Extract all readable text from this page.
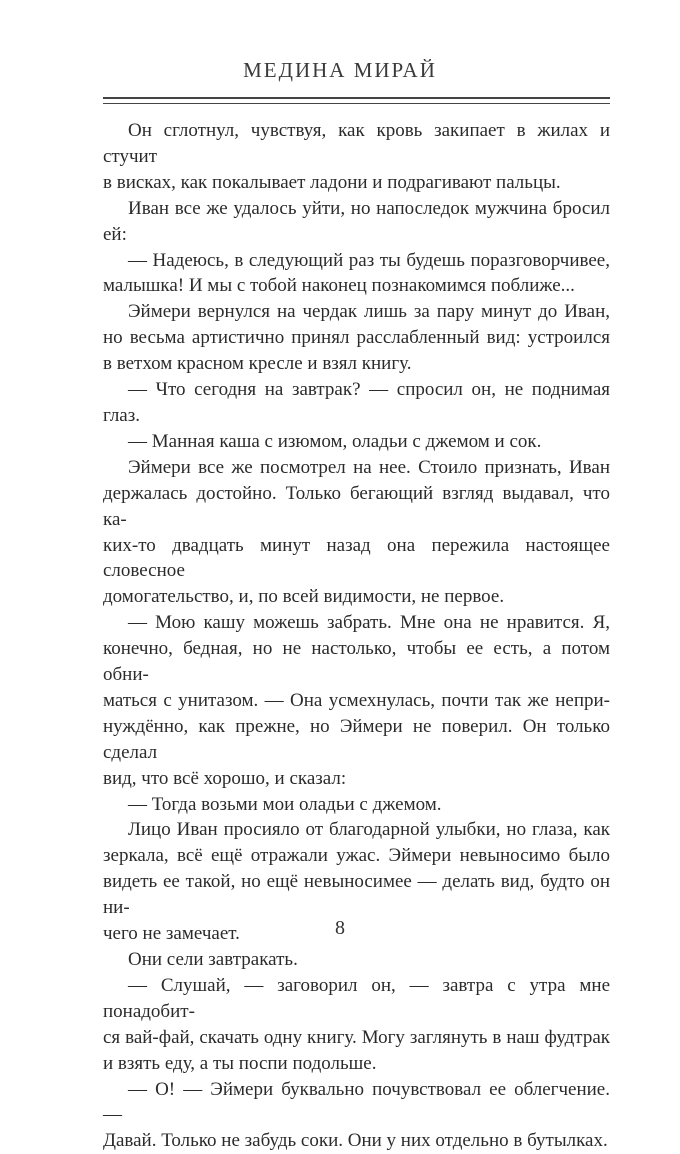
МЕДИНА МИРАЙ

Он сглотнул, чувствуя, как кровь закипает в жилах и стучит
в висках, как покалывает ладони и подрагивают пальцы.

Иван все же удалось уйти, но напоследок мужчина бросил
ей:

— Надеюсь, в следующий раз ты будешь поразговорчивее,
малышка! И мы с тобой наконец познакомимся поближе...

Эймери вернулся на чердак лишь за пару минут до Иван,
но весьма артистично принял расслабленный вид: устроился
в ветхом красном кресле и взял книгу.

— Что сегодня на завтрак? — спросил он, не поднимая глаз.

— Манная каша с изюмом, оладьи с джемом и сок.

Эймери все же посмотрел на нее. Стоило признать, Иван
держалась достойно. Только бегающий взгляд выдавал, что ка-
ких-то двадцать минут назад она пережила настоящее словесное
домогательство, и, по всей видимости, не первое.

— Мою кашу можешь забрать. Мне она не нравится. Я,
конечно, бедная, но не настолько, чтобы ее есть, а потом обни-
маться с унитазом. — Она усмехнулась, почти так же непри-
нуждённо, как прежне, но Эймери не поверил. Он только сделал
вид, что всё хорошо, и сказал:

— Тогда возьми мои оладьи с джемом.

Лицо Иван просияло от благодарной улыбки, но глаза, как
зеркала, всё ещё отражали ужас. Эймери невыносимо было
видеть ее такой, но ещё невыносимее — делать вид, будто он ни-
чего не замечает.

Они сели завтракать.

— Слушай, — заговорил он, — завтра с утра мне понадобит-
ся вай-фай, скачать одну книгу. Могу заглянуть в наш фудтрак
и взять еду, а ты поспи подольше.

— О! — Эймери буквально почувствовал ее облегчение. —
Давай. Только не забудь соки. Они у них отдельно в бутылках.

8
